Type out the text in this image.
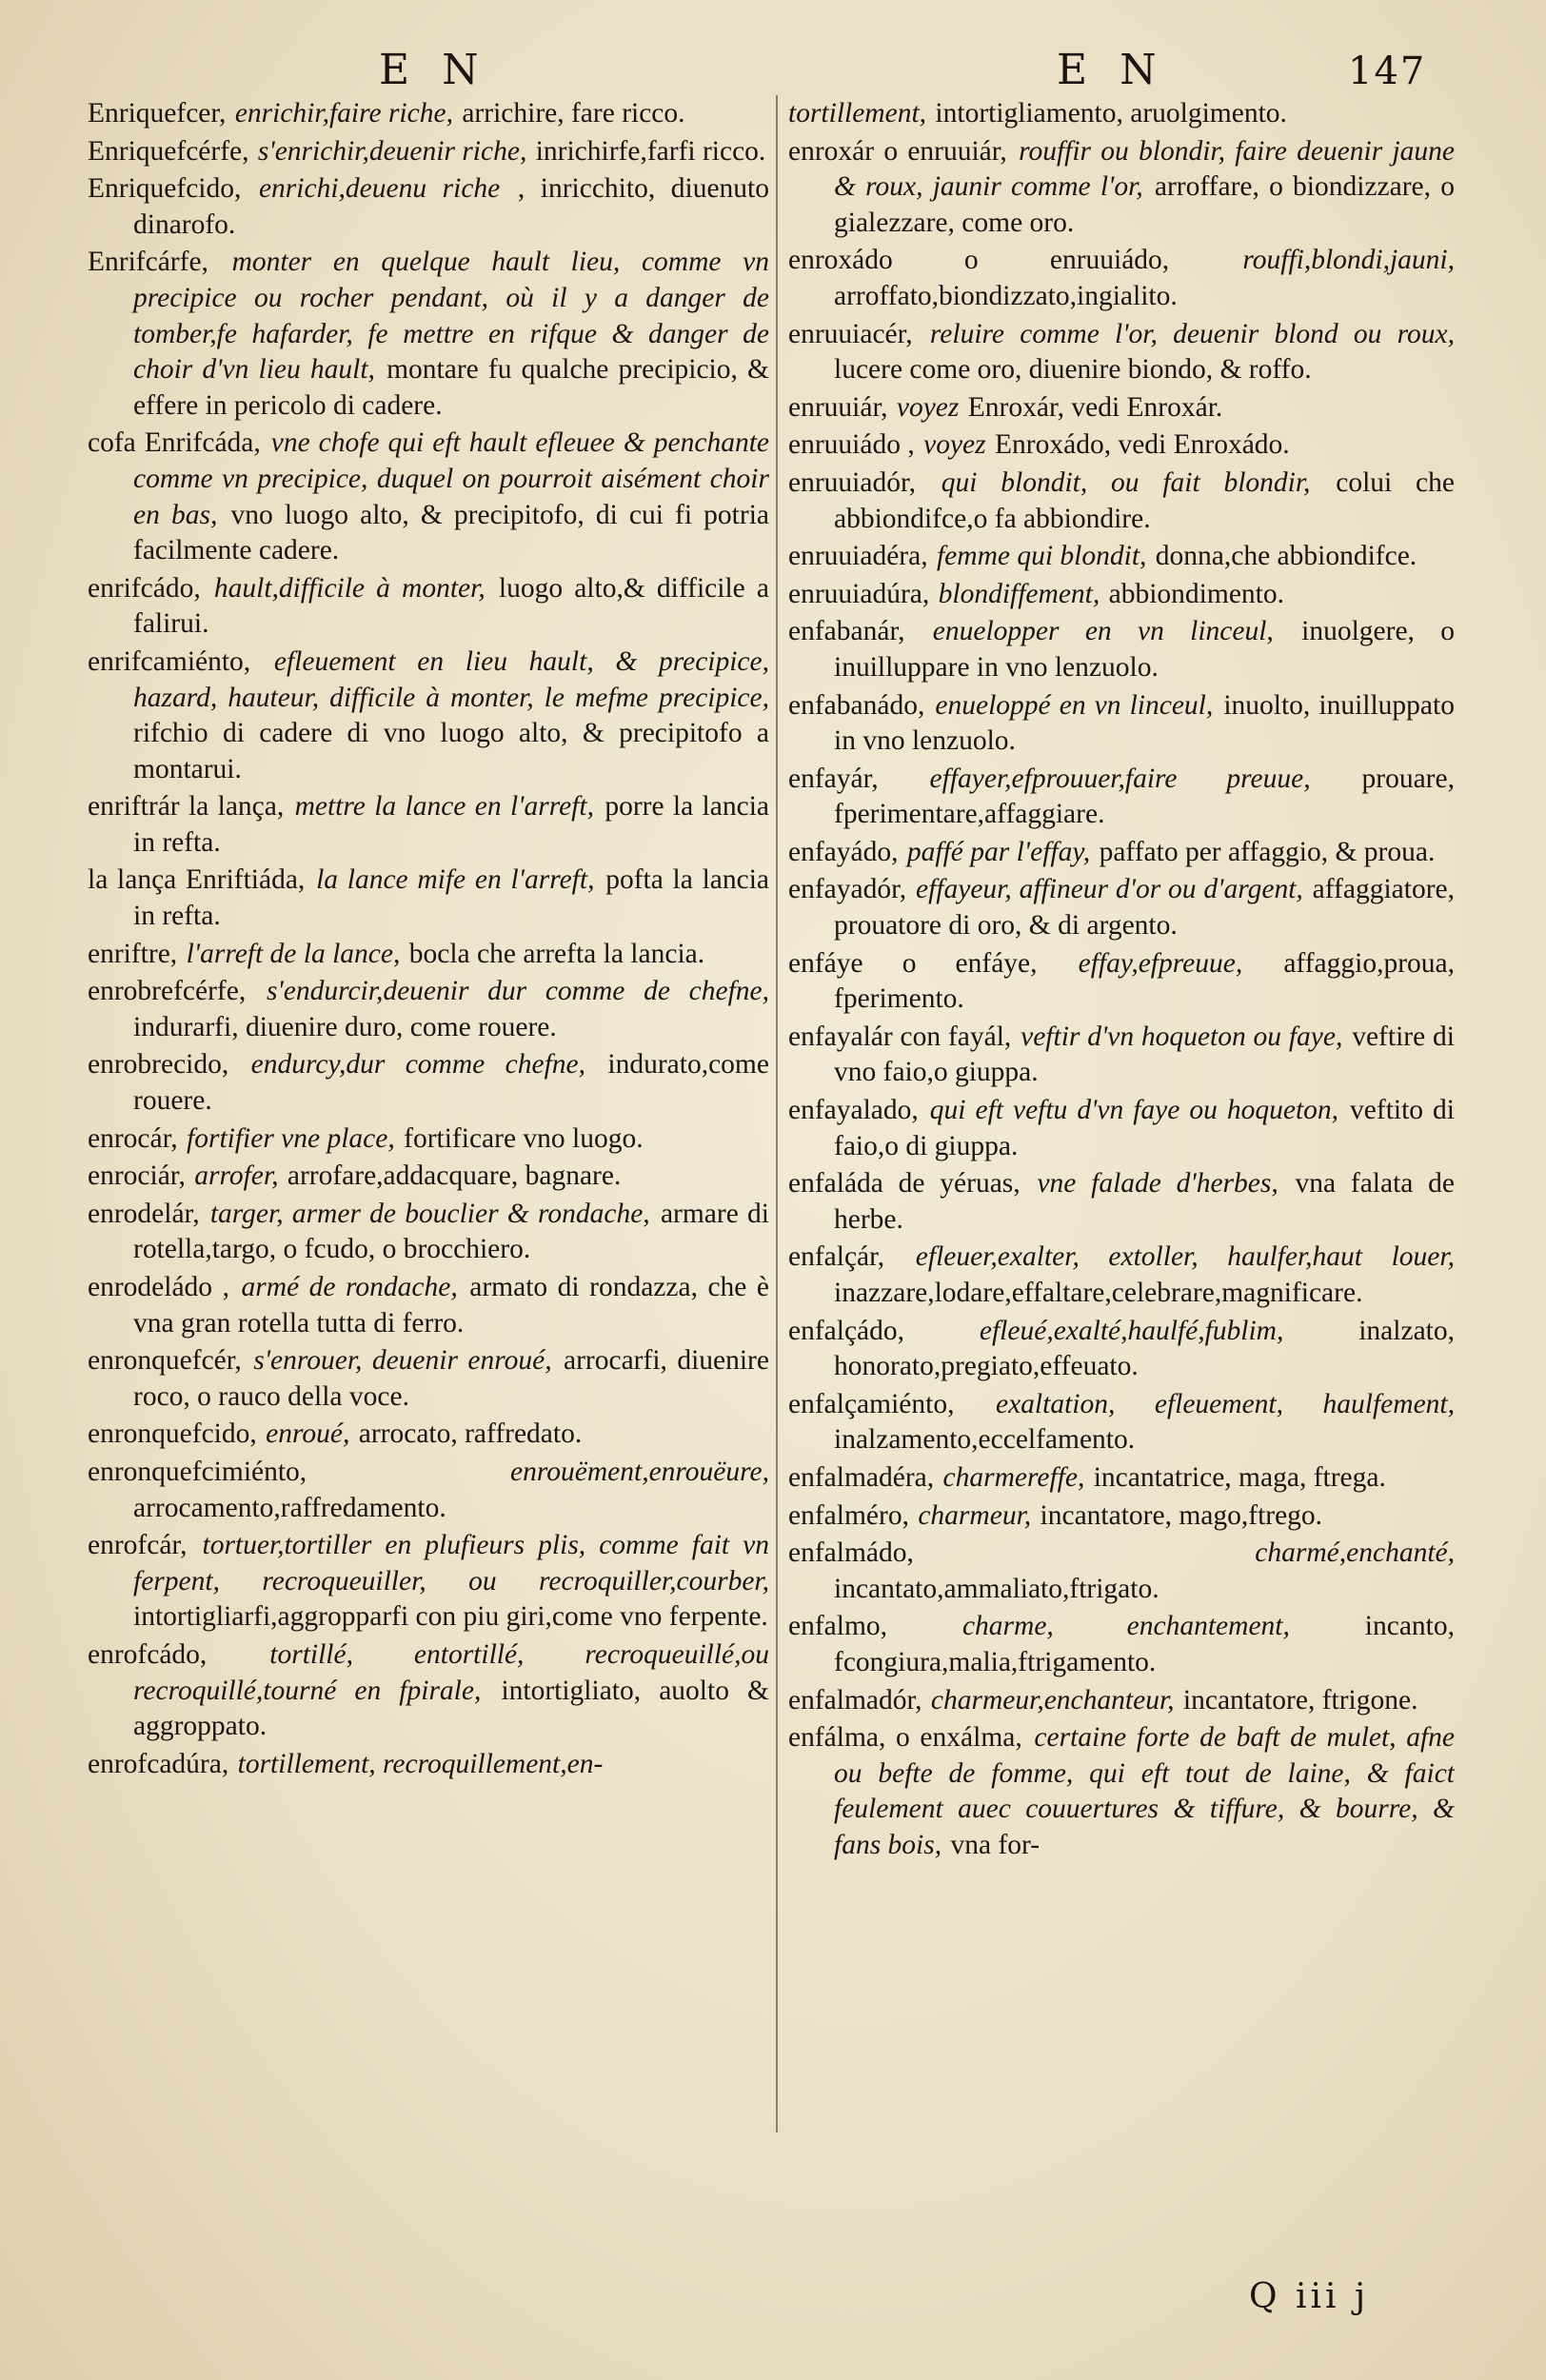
E N	E N	147

Enriquefcer, enrichir,faire riche, arrichire, fare ricco.

Enriquefcérfe, s'enrichir,deuenir riche, inrichirfe,farfi ricco.

Enriquefcido, enrichi,deuenu riche , inricchito, diuenuto dinarofo.

Enrifcárfe, monter en quelque hault lieu, comme vn precipice ou rocher pendant, où il y a danger de tomber,fe hafarder, fe mettre en rifque & danger de choir d'vn lieu hault, montare fu qualche precipicio, & effere in pericolo di cadere.

cofa Enrifcáda, vne chofe qui eft hault efleuee & penchante comme vn precipice, duquel on pourroit aisément choir en bas, vno luogo alto, & precipitofo, di cui fi potria facilmente cadere.

enrifcádo, hault,difficile à monter, luogo alto,& difficile a falirui.

enrifcamiénto, efleuement en lieu hault, & precipice, hazard, hauteur, difficile à monter, le mefme precipice, rifchio di cadere di vno luogo alto, & precipitofo a montarui.

enriftrár la lança, mettre la lance en l'arreft, porre la lancia in refta.

la lança Enriftiáda, la lance mife en l'arreft, pofta la lancia in refta.

enriftre, l'arreft de la lance, bocla che arrefta la lancia.

enrobrefcérfe, s'endurcir,deuenir dur comme de chefne, indurarfi, diuenire duro, come rouere.

enrobrecido, endurcy,dur comme chefne, indurato,come rouere.

enrocár, fortifier vne place, fortificare vno luogo.

enrociár, arrofer, arrofare,addacquare, bagnare.

enrodelár, targer, armer de bouclier & rondache, armare di rotella,targo, o fcudo, o brocchiero.

enrodeládo , armé de rondache, armato di rondazza, che è vna gran rotella tutta di ferro.

enronquefcér, s'enrouer, deuenir enroué, arrocarfi, diuenire roco, o rauco della voce.

enronquefcido, enroué, arrocato, raffredato.

enronquefcimiénto,	enrouëment,enrouëure, arrocamento,raffredamento.

enrofcár, tortuer,tortiller en plufieurs plis, comme fait vn ferpent, recroqueuiller, ou recroquiller,courber, intortigliarfi,aggropparfi con piu giri,come vno ferpente.

enrofcádo, tortillé, entortillé, recroqueuillé,ou recroquillé,tourné en fpirale, intortigliato, auolto & aggroppato.

enrofcadúra, tortillement, recroquillement,en-

tortillement, intortigliamento, aruolgimento.

enroxár o enruuiár, rouffir ou blondir, faire deuenir jaune & roux, jaunir comme l'or, arroffare, o biondizzare, o gialezzare, come oro.

enroxádo o enruuiádo,	rouffi,blondi,jauni, arroffato,biondizzato,ingialito.

enruuiacér, reluire comme l'or, deuenir blond ou roux, lucere come oro, diuenire biondo, & roffo.

enruuiár, voyez Enroxár, vedi Enroxár.

enruuiádo , voyez Enroxádo, vedi Enroxádo.

enruuiadór, qui blondit, ou fait blondir, colui che abbiondifce,o fa abbiondire.

enruuiadéra, femme qui blondit, donna,che abbiondifce.

enruuiadúra, blondiffement, abbiondimento.

enfabanár, enuelopper en vn linceul, inuolgere, o inuilluppare in vno lenzuolo.

enfabanádo, enueloppé en vn linceul, inuolto, inuilluppato in vno lenzuolo.

enfayár, effayer,efprouuer,faire preuue, prouare, fperimentare,affaggiare.

enfayádo, paffé par l'effay, paffato per affaggio, & proua.

enfayadór, effayeur, affineur d'or ou d'argent, affaggiatore, prouatore di oro, & di argento.

enfáye o enfáye, effay,efpreuue, affaggio,proua, fperimento.

enfayalár con fayál, veftir d'vn hoqueton ou faye, veftire di vno faio,o giuppa.

enfayalado, qui eft veftu d'vn faye ou hoqueton, veftito di faio,o di giuppa.

enfaláda de yéruas, vne falade d'herbes, vna falata de herbe.

enfalçár, efleuer,exalter, extoller, haulfer,haut louer, inazzare,lodare,effaltare,celebrare,magnificare.

enfalçádo,	efleué,exalté,haulfé,fublim,	inalzato, honorato,pregiato,effeuato.

enfalçamiénto, exaltation, efleuement, haulfement, inalzamento,eccelfamento.

enfalmadéra, charmereffe, incantatrice, maga, ftrega.

enfalméro, charmeur, incantatore, mago,ftrego.

enfalmádo,	charmé,enchanté, incantato,ammaliato,ftrigato.

enfalmo,	charme, enchantement,	incanto, fcongiura,malia,ftrigamento.

enfalmadór, charmeur,enchanteur, incantatore, ftrigone.

enfálma, o enxálma, certaine forte de baft de mulet, afne ou befte de fomme, qui eft tout de laine, & faict feulement auec couuertures & tiffure, & bourre, & fans bois, vna for-

Q iii j
